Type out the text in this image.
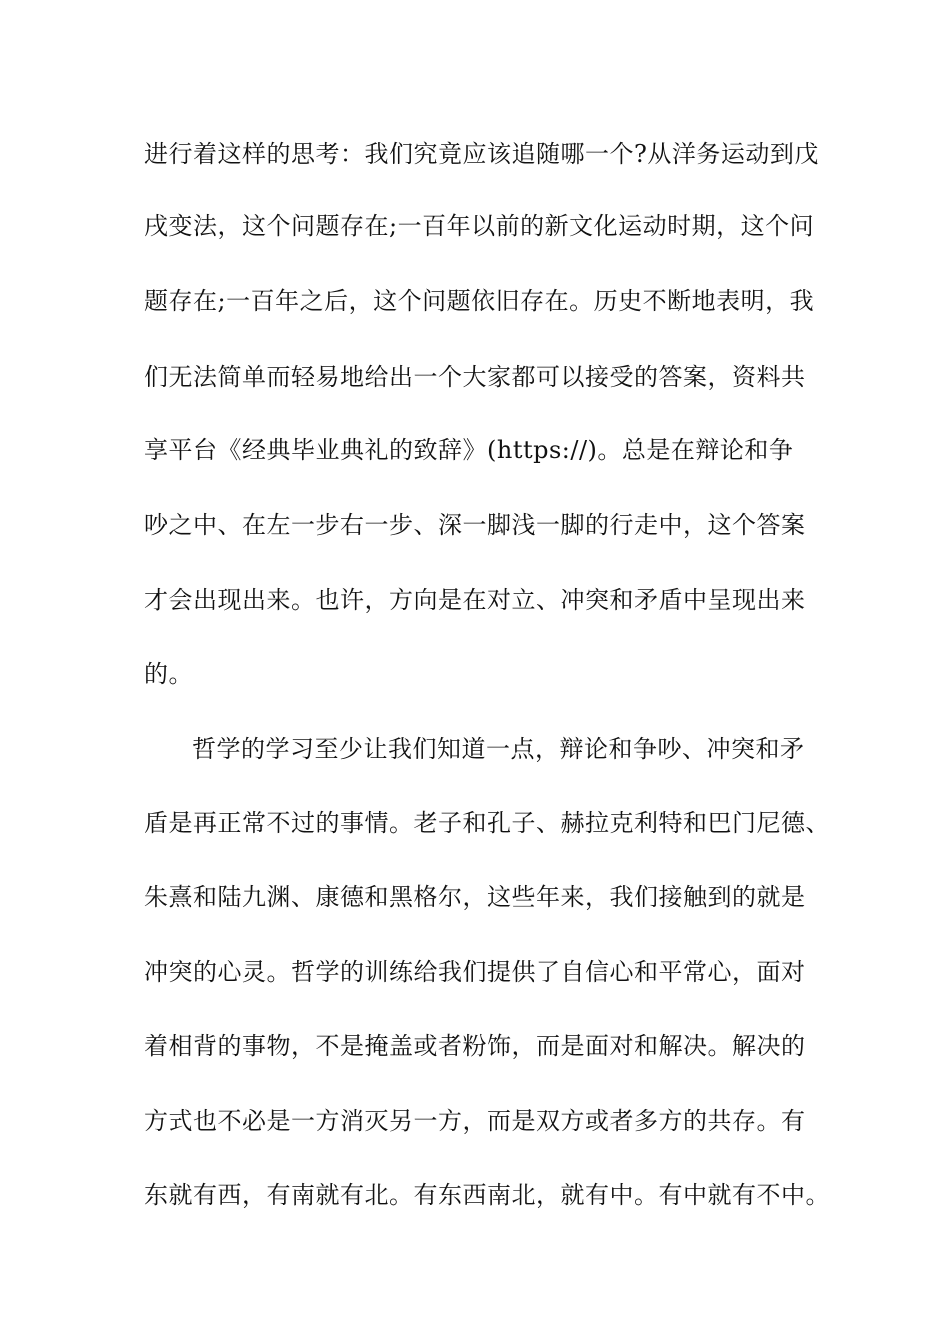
进行着这样的思考：我们究竟应该追随哪一个?从洋务运动到戊
戌变法，这个问题存在;一百年以前的新文化运动时期，这个问
题存在;一百年之后，这个问题依旧存在。历史不断地表明，我
们无法简单而轻易地给出一个大家都可以接受的答案，资料共
享平台《经典毕业典礼的致辞》(https://)。总是在辩论和争
吵之中、在左一步右一步、深一脚浅一脚的行走中，这个答案
才会出现出来。也许，方向是在对立、冲突和矛盾中呈现出来
的。
哲学的学习至少让我们知道一点，辩论和争吵、冲突和矛
盾是再正常不过的事情。老子和孔子、赫拉克利特和巴门尼德、
朱熹和陆九渊、康德和黑格尔，这些年来，我们接触到的就是
冲突的心灵。哲学的训练给我们提供了自信心和平常心，面对
着相背的事物，不是掩盖或者粉饰，而是面对和解决。解决的
方式也不必是一方消灭另一方，而是双方或者多方的共存。有
东就有西，有南就有北。有东西南北，就有中。有中就有不中。
